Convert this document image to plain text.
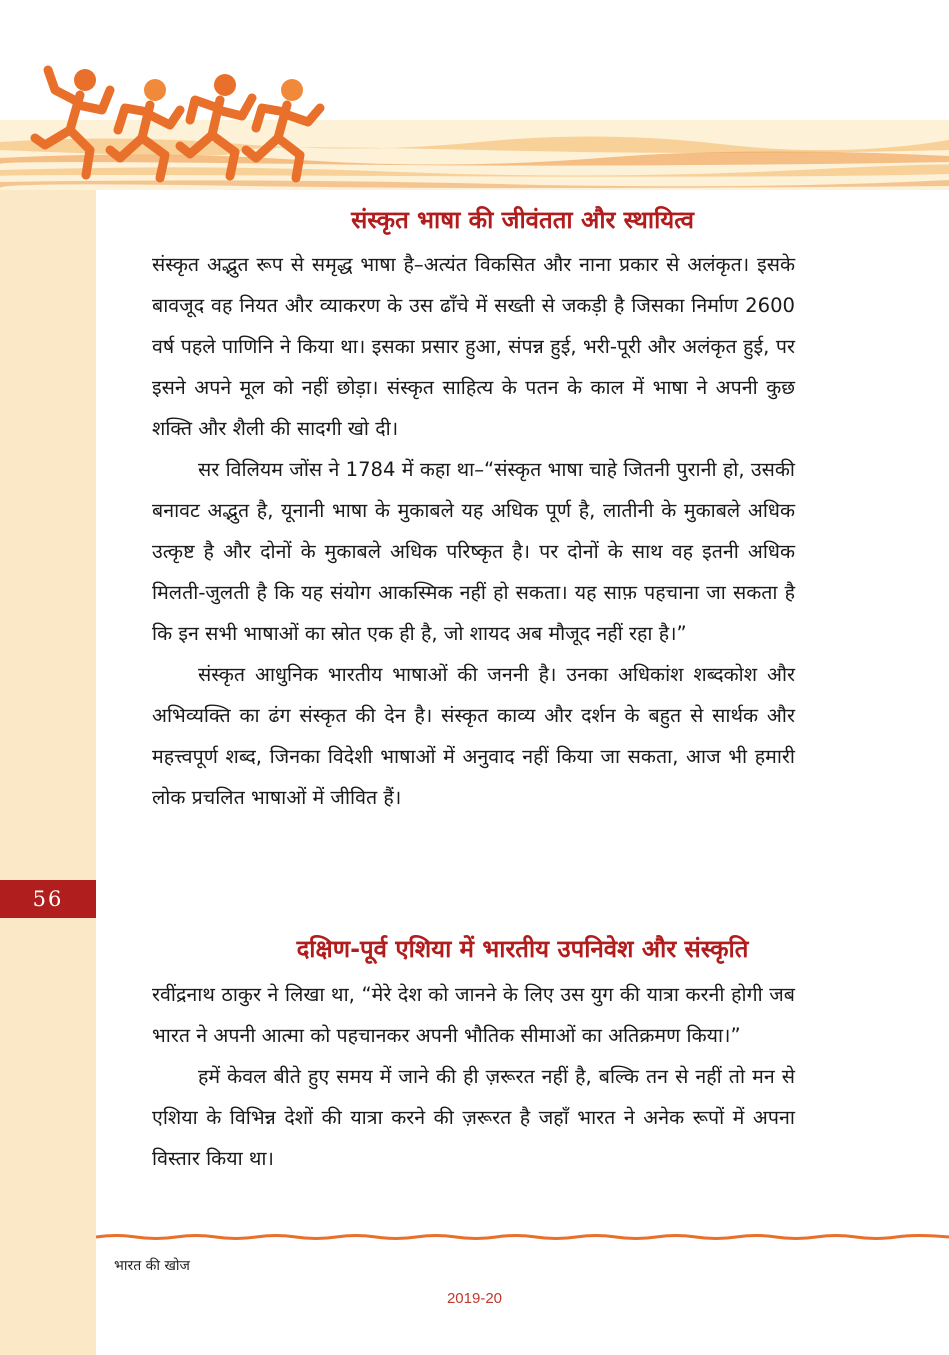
56
संस्कृत भाषा की जीवंतता और स्थायित्व

संस्कृत अद्भुत रूप से समृद्ध भाषा है–अत्यंत विकसित और नाना प्रकार से अलंकृत। इसके बावजूद वह नियत और व्याकरण के उस ढाँचे में सख्ती से जकड़ी है जिसका निर्माण 2600 वर्ष पहले पाणिनि ने किया था। इसका प्रसार हुआ, संपन्न हुई, भरी-पूरी और अलंकृत हुई, पर इसने अपने मूल को नहीं छोड़ा। संस्कृत साहित्य के पतन के काल में भाषा ने अपनी कुछ शक्ति और शैली की सादगी खो दी।

सर विलियम जोंस ने 1784 में कहा था–“संस्कृत भाषा चाहे जितनी पुरानी हो, उसकी बनावट अद्भुत है, यूनानी भाषा के मुकाबले यह अधिक पूर्ण है, लातीनी के मुकाबले अधिक उत्कृष्ट है और दोनों के मुकाबले अधिक परिष्कृत है। पर दोनों के साथ वह इतनी अधिक मिलती-जुलती है कि यह संयोग आकस्मिक नहीं हो सकता। यह साफ़ पहचाना जा सकता है कि इन सभी भाषाओं का स्रोत एक ही है, जो शायद अब मौजूद नहीं रहा है।”

संस्कृत आधुनिक भारतीय भाषाओं की जननी है। उनका अधिकांश शब्दकोश और अभिव्यक्ति का ढंग संस्कृत की देन है। संस्कृत काव्य और दर्शन के बहुत से सार्थक और महत्त्वपूर्ण शब्द, जिनका विदेशी भाषाओं में अनुवाद नहीं किया जा सकता, आज भी हमारी लोक प्रचलित भाषाओं में जीवित हैं।

दक्षिण-पूर्व एशिया में भारतीय उपनिवेश और संस्कृति

रवींद्रनाथ ठाकुर ने लिखा था, “मेरे देश को जानने के लिए उस युग की यात्रा करनी होगी जब भारत ने अपनी आत्मा को पहचानकर अपनी भौतिक सीमाओं का अतिक्रमण किया।”

हमें केवल बीते हुए समय में जाने की ही ज़रूरत नहीं है, बल्कि तन से नहीं तो मन से एशिया के विभिन्न देशों की यात्रा करने की ज़रूरत है जहाँ भारत ने अनेक रूपों में अपना विस्तार किया था।

भारत की खोज
2019-20
